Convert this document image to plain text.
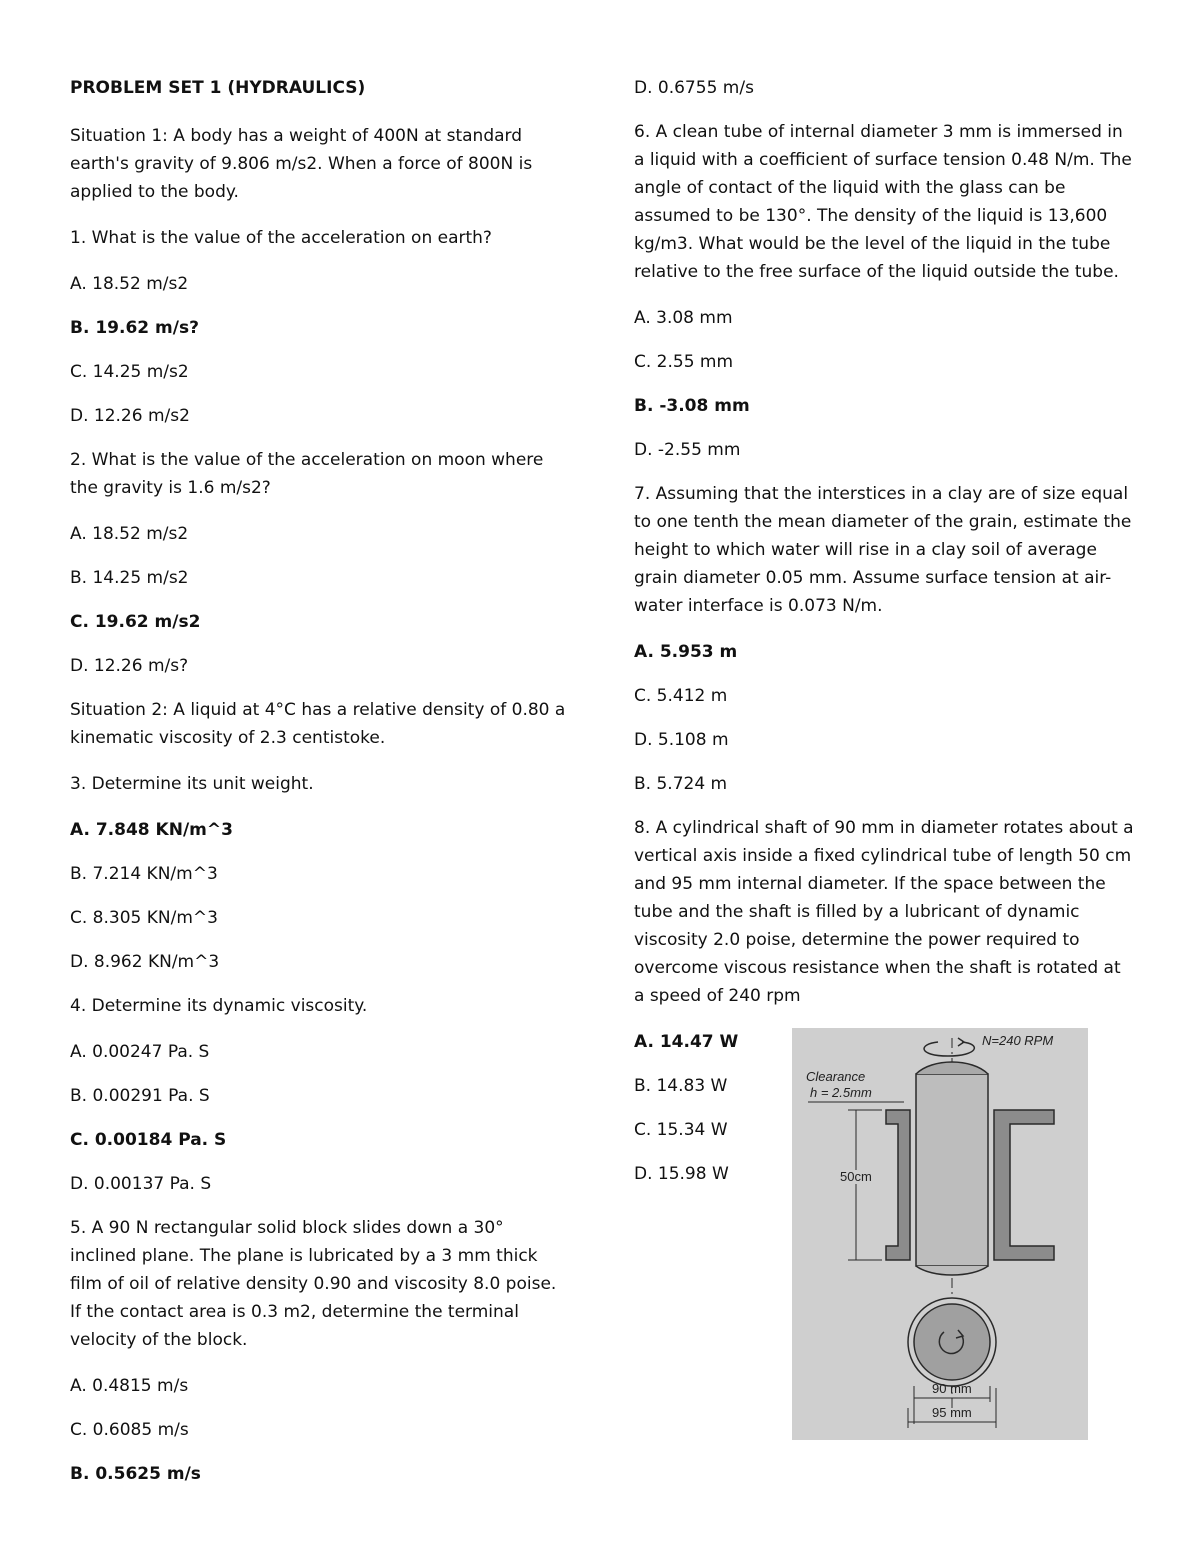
PROBLEM SET 1 (HYDRAULICS)

Situation 1: A body has a weight of 400N at standard earth's gravity of 9.806 m/s2. When a force of 800N is applied to the body.

1. What is the value of the acceleration on earth?

A. 18.52 m/s2
B. 19.62 m/s?
C. 14.25 m/s2
D. 12.26 m/s2

2. What is the value of the acceleration on moon where the gravity is 1.6 m/s2?

A. 18.52 m/s2
B. 14.25 m/s2
C. 19.62 m/s2
D. 12.26 m/s?

Situation 2: A liquid at 4°C has a relative density of 0.80 a kinematic viscosity of 2.3 centistoke.

3. Determine its unit weight.

A. 7.848 KN/m^3
B. 7.214 KN/m^3
C. 8.305 KN/m^3
D. 8.962 KN/m^3

4. Determine its dynamic viscosity.

A. 0.00247 Pa. S
B. 0.00291 Pa. S
C. 0.00184 Pa. S
D. 0.00137 Pa. S

5. A 90 N rectangular solid block slides down a 30° inclined plane. The plane is lubricated by a 3 mm thick film of oil of relative density 0.90 and viscosity 8.0 poise. If the contact area is 0.3 m2, determine the terminal velocity of the block.

A. 0.4815 m/s
C. 0.6085 m/s
B. 0.5625 m/s
D. 0.6755 m/s

6. A clean tube of internal diameter 3 mm is immersed in a liquid with a coefficient of surface tension 0.48 N/m. The angle of contact of the liquid with the glass can be assumed to be 130°. The density of the liquid is 13,600 kg/m3. What would be the level of the liquid in the tube relative to the free surface of the liquid outside the tube.

A. 3.08 mm
C. 2.55 mm
B. -3.08 mm
D. -2.55 mm

7. Assuming that the interstices in a clay are of size equal to one tenth the mean diameter of the grain, estimate the height to which water will rise in a clay soil of average grain diameter 0.05 mm. Assume surface tension at air-water interface is 0.073 N/m.

A. 5.953 m
C. 5.412 m
D. 5.108 m
B. 5.724 m

8. A cylindrical shaft of 90 mm in diameter rotates about a vertical axis inside a fixed cylindrical tube of length 50 cm and 95 mm internal diameter. If the space between the tube and the shaft is filled by a lubricant of dynamic viscosity 2.0 poise, determine the power required to overcome viscous resistance when the shaft is rotated at a speed of 240 rpm

A. 14.47 W
B. 14.83 W
C. 15.34 W
D. 15.98 W
N=240 RPM
Clearance
h = 2.5mm
50cm
90 mm
95 mm
